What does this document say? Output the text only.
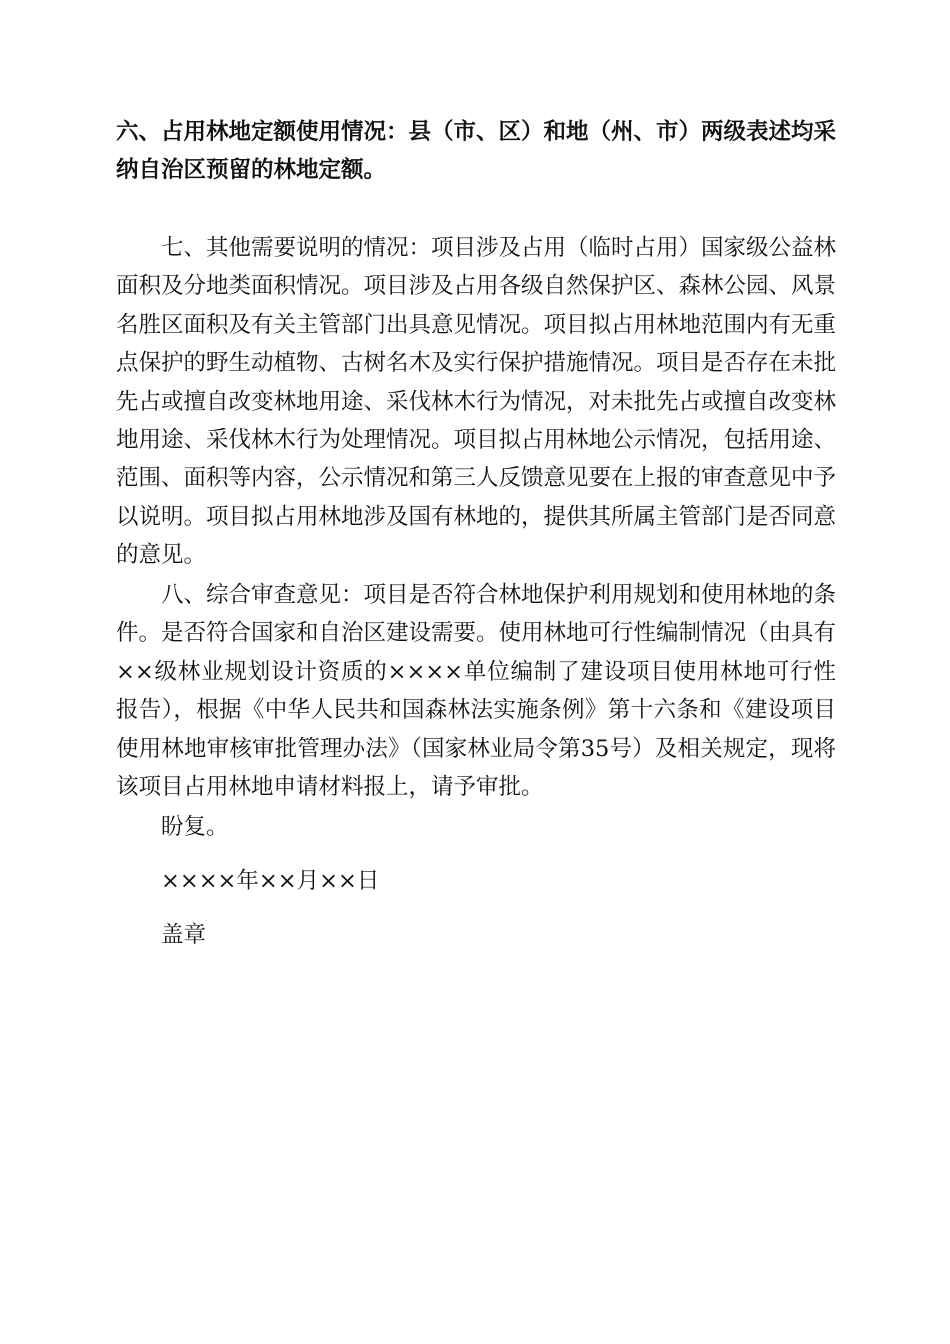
六、占用林地定额使用情况：县（市、区）和地（州、市）两级表述均采纳自治区预留的林地定额。

七、其他需要说明的情况：项目涉及占用（临时占用）国家级公益林面积及分地类面积情况。项目涉及占用各级自然保护区、森林公园、风景名胜区面积及有关主管部门出具意见情况。项目拟占用林地范围内有无重点保护的野生动植物、古树名木及实行保护措施情况。项目是否存在未批先占或擅自改变林地用途、采伐林木行为情况，对未批先占或擅自改变林地用途、采伐林木行为处理情况。项目拟占用林地公示情况，包括用途、范围、面积等内容，公示情况和第三人反馈意见要在上报的审查意见中予以说明。项目拟占用林地涉及国有林地的，提供其所属主管部门是否同意的意见。

八、综合审查意见：项目是否符合林地保护利用规划和使用林地的条件。是否符合国家和自治区建设需要。使用林地可行性编制情况（由具有××级林业规划设计资质的××××单位编制了建设项目使用林地可行性报告），根据《中华人民共和国森林法实施条例》第十六条和《建设项目使用林地审核审批管理办法》（国家林业局令第35号）及相关规定，现将该项目占用林地申请材料报上，请予审批。

盼复。

××××年××月××日

盖章
